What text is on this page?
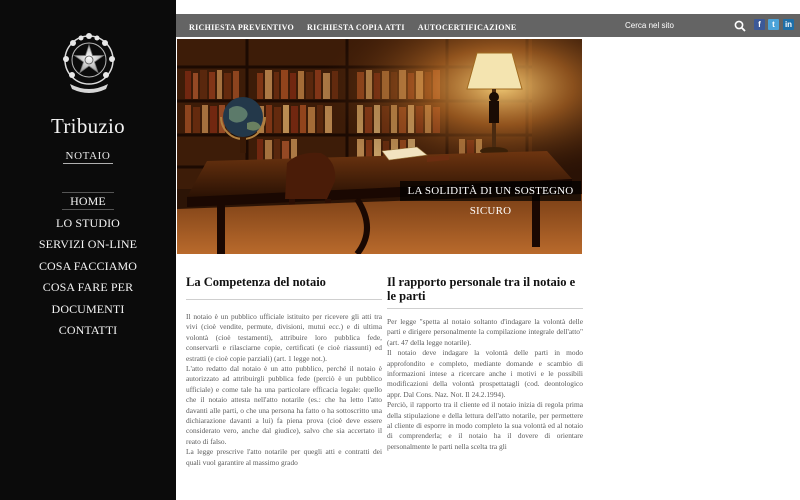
Tribuzio
NOTAIO
HOME
LO STUDIO
SERVIZI ON-LINE
COSA FACCIAMO
COSA FARE PER
DOCUMENTI
CONTATTI
RICHIESTA PREVENTIVO RICHIESTA COPIA ATTI AUTOCERTIFICAZIONE	Cerca nel sito	f	t	in
LA SOLIDITÀ DI UN SOSTEGNO SICURO
La Competenza del notaio

Il notaio è un pubblico ufficiale istituito per ricevere gli atti tra vivi (cioè vendite, permute, divisioni, mutui ecc.) e di ultima volontà (cioè testamenti), attribuire loro pubblica fede, conservarli e rilasciarne copie, certificati (e cioè riassunti) ed estratti (e cioè copie parziali) (art. 1 legge not.).

L'atto redatto dal notaio è un atto pubblico, perché il notaio è autorizzato ad attribuirgli pubblica fede (perciò è un pubblico ufficiale) e come tale ha una particolare efficacia legale: quello che il notaio attesta nell'atto notarile (es.: che ha letto l'atto davanti alle parti, o che una persona ha fatto o ha sottoscritto una dichiarazione davanti a lui) fa piena prova (cioè deve essere considerato vero, anche dal giudice), salvo che sia accertato il reato di falso.

La legge prescrive l'atto notarile per quegli atti e contratti dei quali vuol garantire al massimo grado

Il rapporto personale tra il notaio e le parti

Per legge "spetta al notaio soltanto d'indagare la volontà delle parti e dirigere personalmente la compilazione integrale dell'atto" (art. 47 della legge notarile).

Il notaio deve indagare la volontà delle parti in modo approfondito e completo, mediante domande e scambio di informazioni intese a ricercare anche i motivi e le possibili modificazioni della volontà prospettatagli (cod. deontologico appr. Dal Cons. Naz. Not. Il 24.2.1994).

Perciò, il rapporto tra il cliente ed il notaio inizia di regola prima della stipulazione e della lettura dell'atto notarile, per permettere al cliente di esporre in modo completo la sua volontà ed al notaio di comprenderla; e il notaio ha il dovere di orientare personalmente le parti nella scelta tra gli
